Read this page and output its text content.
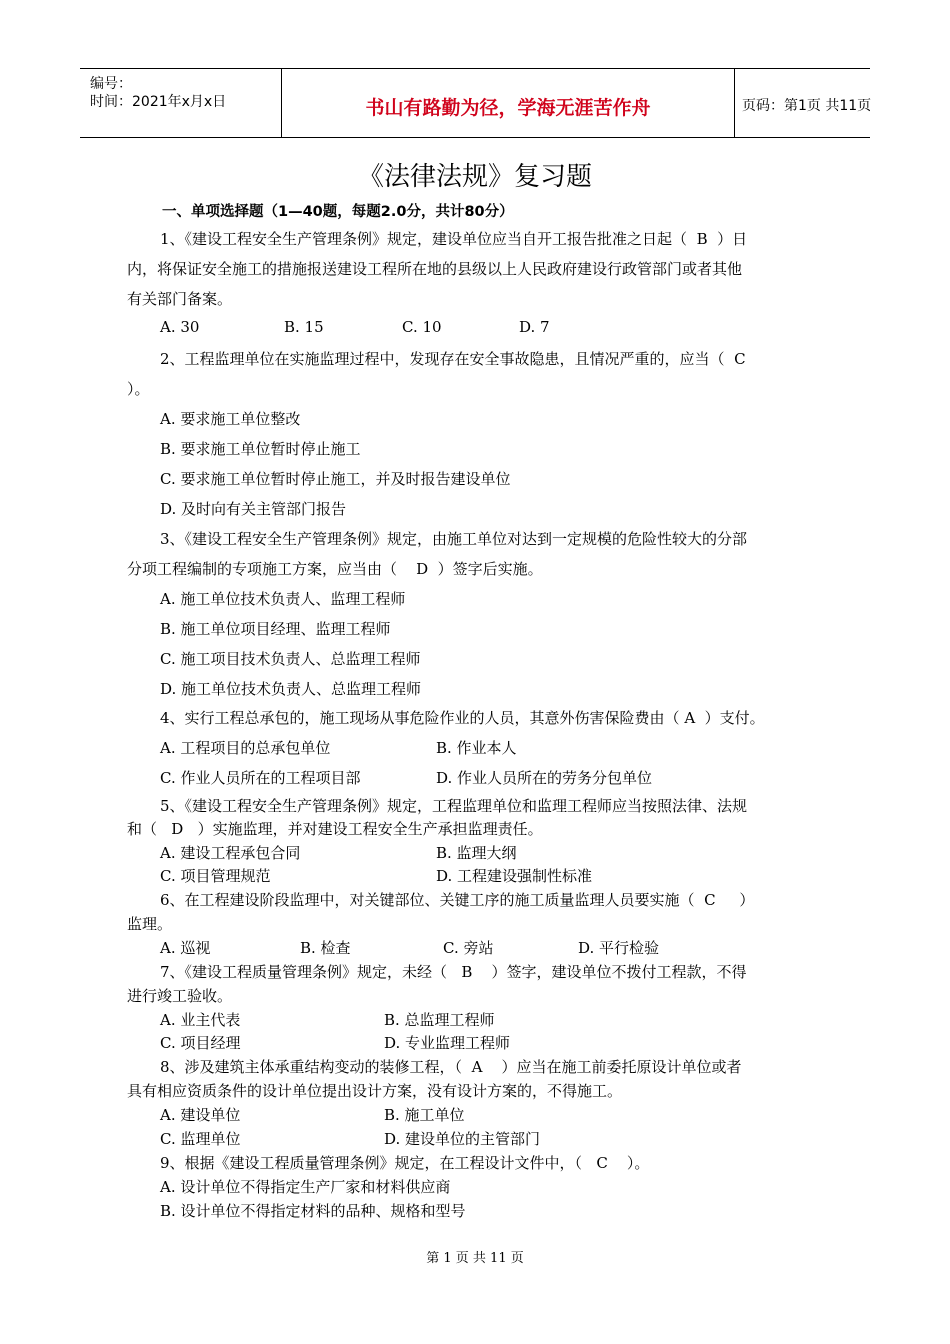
编号：
时间：2021年x月x日	书山有路勤为径，学海无涯苦作舟	页码：第1页 共11页
《法律法规》复习题
一、单项选择题（1—40题，每题2.0分，共计80分）
1、《建设工程安全生产管理条例》规定，建设单位应当自开工报告批准之日起（  B  ）日
内，将保证安全施工的措施报送建设工程所在地的县级以上人民政府建设行政管部门或者其他
有关部门备案。
A. 30	B. 15	C. 10	D. 7
2、工程监理单位在实施监理过程中，发现存在安全事故隐患，且情况严重的，应当（  C
）。
A. 要求施工单位整改
B. 要求施工单位暂时停止施工
C. 要求施工单位暂时停止施工，并及时报告建设单位
D. 及时向有关主管部门报告
3、《建设工程安全生产管理条例》规定，由施工单位对达到一定规模的危险性较大的分部
分项工程编制的专项施工方案，应当由（    D  ）签字后实施。
A. 施工单位技术负责人、监理工程师
B. 施工单位项目经理、监理工程师
C. 施工项目技术负责人、总监理工程师
D. 施工单位技术负责人、总监理工程师
4、实行工程总承包的，施工现场从事危险作业的人员，其意外伤害保险费由（ A  ）支付。
A. 工程项目的总承包单位	B. 作业本人
C. 作业人员所在的工程项目部	D. 作业人员所在的劳务分包单位
5、《建设工程安全生产管理条例》规定，工程监理单位和监理工程师应当按照法律、法规
和（   D   ）实施监理，并对建设工程安全生产承担监理责任。
A. 建设工程承包合同	B. 监理大纲
C. 项目管理规范	D. 工程建设强制性标准
6、在工程建设阶段监理中，对关键部位、关键工序的施工质量监理人员要实施（  C     ）
监理。
A. 巡视	B. 检查	C. 旁站	D. 平行检验
7、《建设工程质量管理条例》规定，未经（   B    ）签字，建设单位不拨付工程款，不得
进行竣工验收。
A. 业主代表	B. 总监理工程师
C. 项目经理	D. 专业监理工程师
8、涉及建筑主体承重结构变动的装修工程，（  A    ）应当在施工前委托原设计单位或者
具有相应资质条件的设计单位提出设计方案，没有设计方案的，不得施工。
A. 建设单位	B. 施工单位
C. 监理单位	D. 建设单位的主管部门
9、根据《建设工程质量管理条例》规定，在工程设计文件中，（   C    ）。
A. 设计单位不得指定生产厂家和材料供应商
B. 设计单位不得指定材料的品种、规格和型号
第 1 页 共 11 页
